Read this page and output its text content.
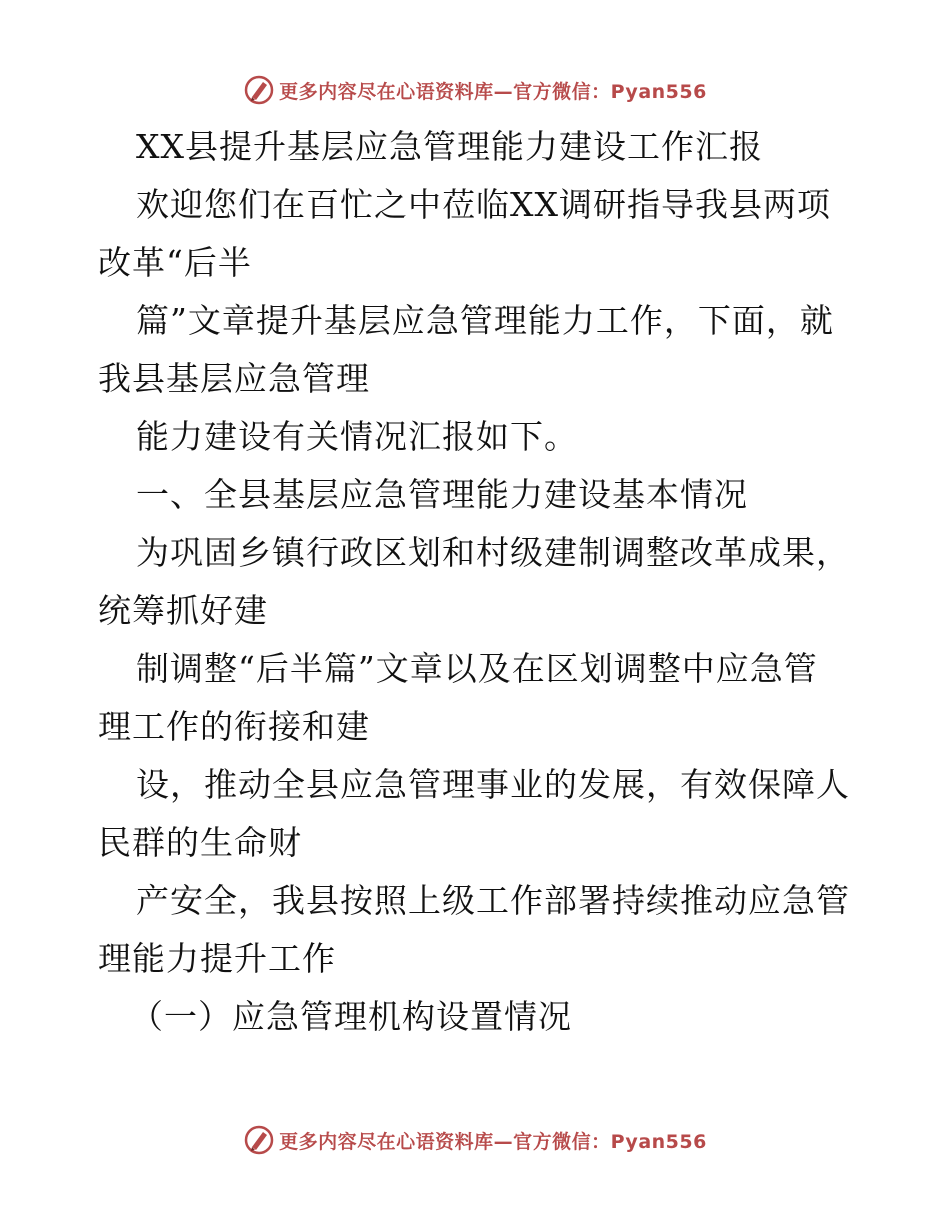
更多内容尽在心语资料库—官方微信：Pyan556
XX县提升基层应急管理能力建设工作汇报
欢迎您们在百忙之中莅临XX调研指导我县两项
改革“后半
篇”文章提升基层应急管理能力工作，下面，就
我县基层应急管理
能力建设有关情况汇报如下。
一、全县基层应急管理能力建设基本情况
为巩固乡镇行政区划和村级建制调整改革成果，
统筹抓好建
制调整“后半篇”文章以及在区划调整中应急管
理工作的衔接和建
设，推动全县应急管理事业的发展，有效保障人
民群的生命财
产安全，我县按照上级工作部署持续推动应急管
理能力提升工作
（一）应急管理机构设置情况
更多内容尽在心语资料库—官方微信：Pyan556
